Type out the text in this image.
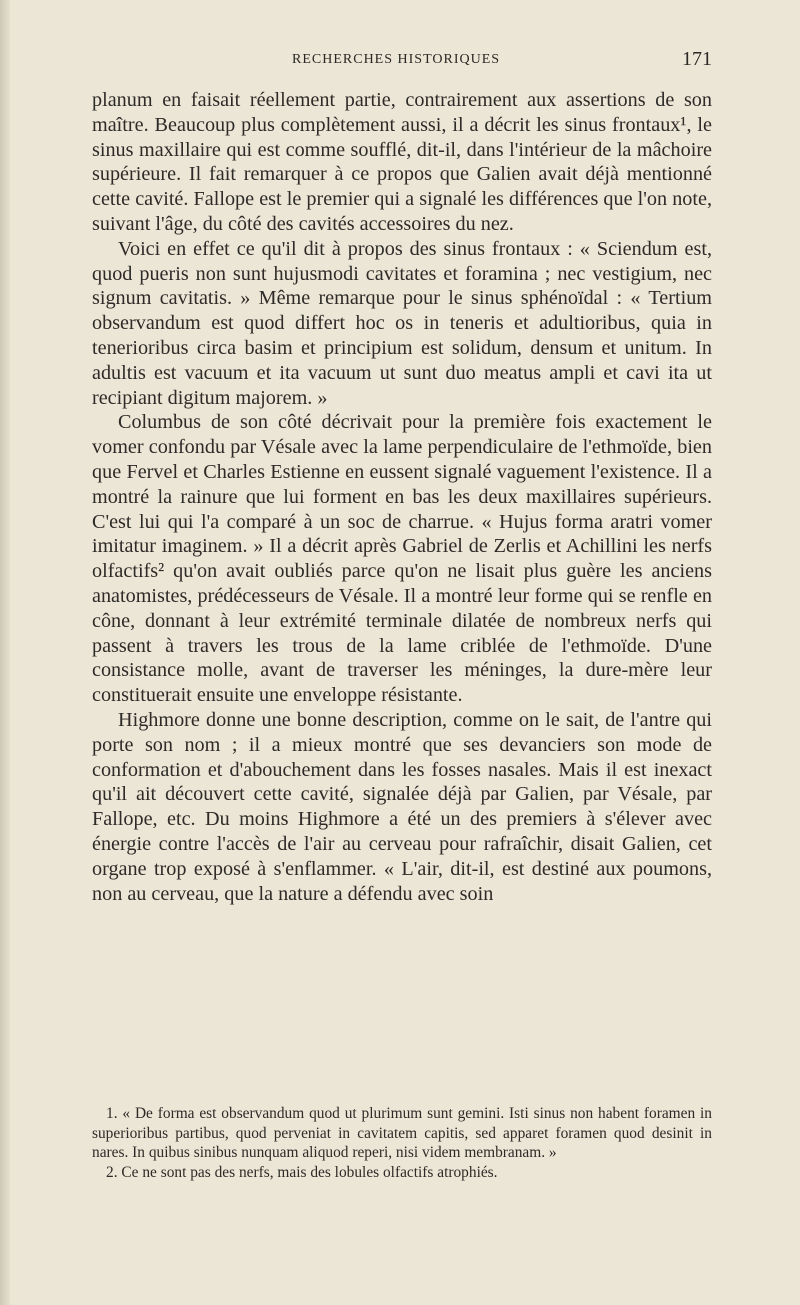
RECHERCHES HISTORIQUES	171

planum en faisait réellement partie, contrairement aux assertions de son maître. Beaucoup plus complètement aussi, il a décrit les sinus frontaux¹, le sinus maxillaire qui est comme soufflé, dit-il, dans l'intérieur de la mâchoire supérieure. Il fait remarquer à ce propos que Galien avait déjà mentionné cette cavité. Fallope est le premier qui a signalé les différences que l'on note, suivant l'âge, du côté des cavités accessoires du nez.

Voici en effet ce qu'il dit à propos des sinus frontaux : « Sciendum est, quod pueris non sunt hujusmodi cavitates et foramina ; nec vestigium, nec signum cavitatis. » Même remarque pour le sinus sphénoïdal : « Tertium observandum est quod differt hoc os in teneris et adultioribus, quia in tenerioribus circa basim et principium est solidum, densum et unitum. In adultis est vacuum et ita vacuum ut sunt duo meatus ampli et cavi ita ut recipiant digitum majorem. »

Columbus de son côté décrivait pour la première fois exactement le vomer confondu par Vésale avec la lame perpendiculaire de l'ethmoïde, bien que Fervel et Charles Estienne en eussent signalé vaguement l'existence. Il a montré la rainure que lui forment en bas les deux maxillaires supérieurs. C'est lui qui l'a comparé à un soc de charrue. « Hujus forma aratri vomer imitatur imaginem. » Il a décrit après Gabriel de Zerlis et Achillini les nerfs olfactifs² qu'on avait oubliés parce qu'on ne lisait plus guère les anciens anatomistes, prédécesseurs de Vésale. Il a montré leur forme qui se renfle en cône, donnant à leur extrémité terminale dilatée de nombreux nerfs qui passent à travers les trous de la lame criblée de l'ethmoïde. D'une consistance molle, avant de traverser les méninges, la dure-mère leur constituerait ensuite une enveloppe résistante.

Highmore donne une bonne description, comme on le sait, de l'antre qui porte son nom ; il a mieux montré que ses devanciers son mode de conformation et d'abouchement dans les fosses nasales. Mais il est inexact qu'il ait découvert cette cavité, signalée déjà par Galien, par Vésale, par Fallope, etc. Du moins Highmore a été un des premiers à s'élever avec énergie contre l'accès de l'air au cerveau pour rafraîchir, disait Galien, cet organe trop exposé à s'enflammer. « L'air, dit-il, est destiné aux poumons, non au cerveau, que la nature a défendu avec soin

1. « De forma est observandum quod ut plurimum sunt gemini. Isti sinus non habent foramen in superioribus partibus, quod perveniat in cavitatem capitis, sed apparet foramen quod desinit in nares. In quibus sinibus nunquam aliquod reperi, nisi videm membranam. »

2. Ce ne sont pas des nerfs, mais des lobules olfactifs atrophiés.
